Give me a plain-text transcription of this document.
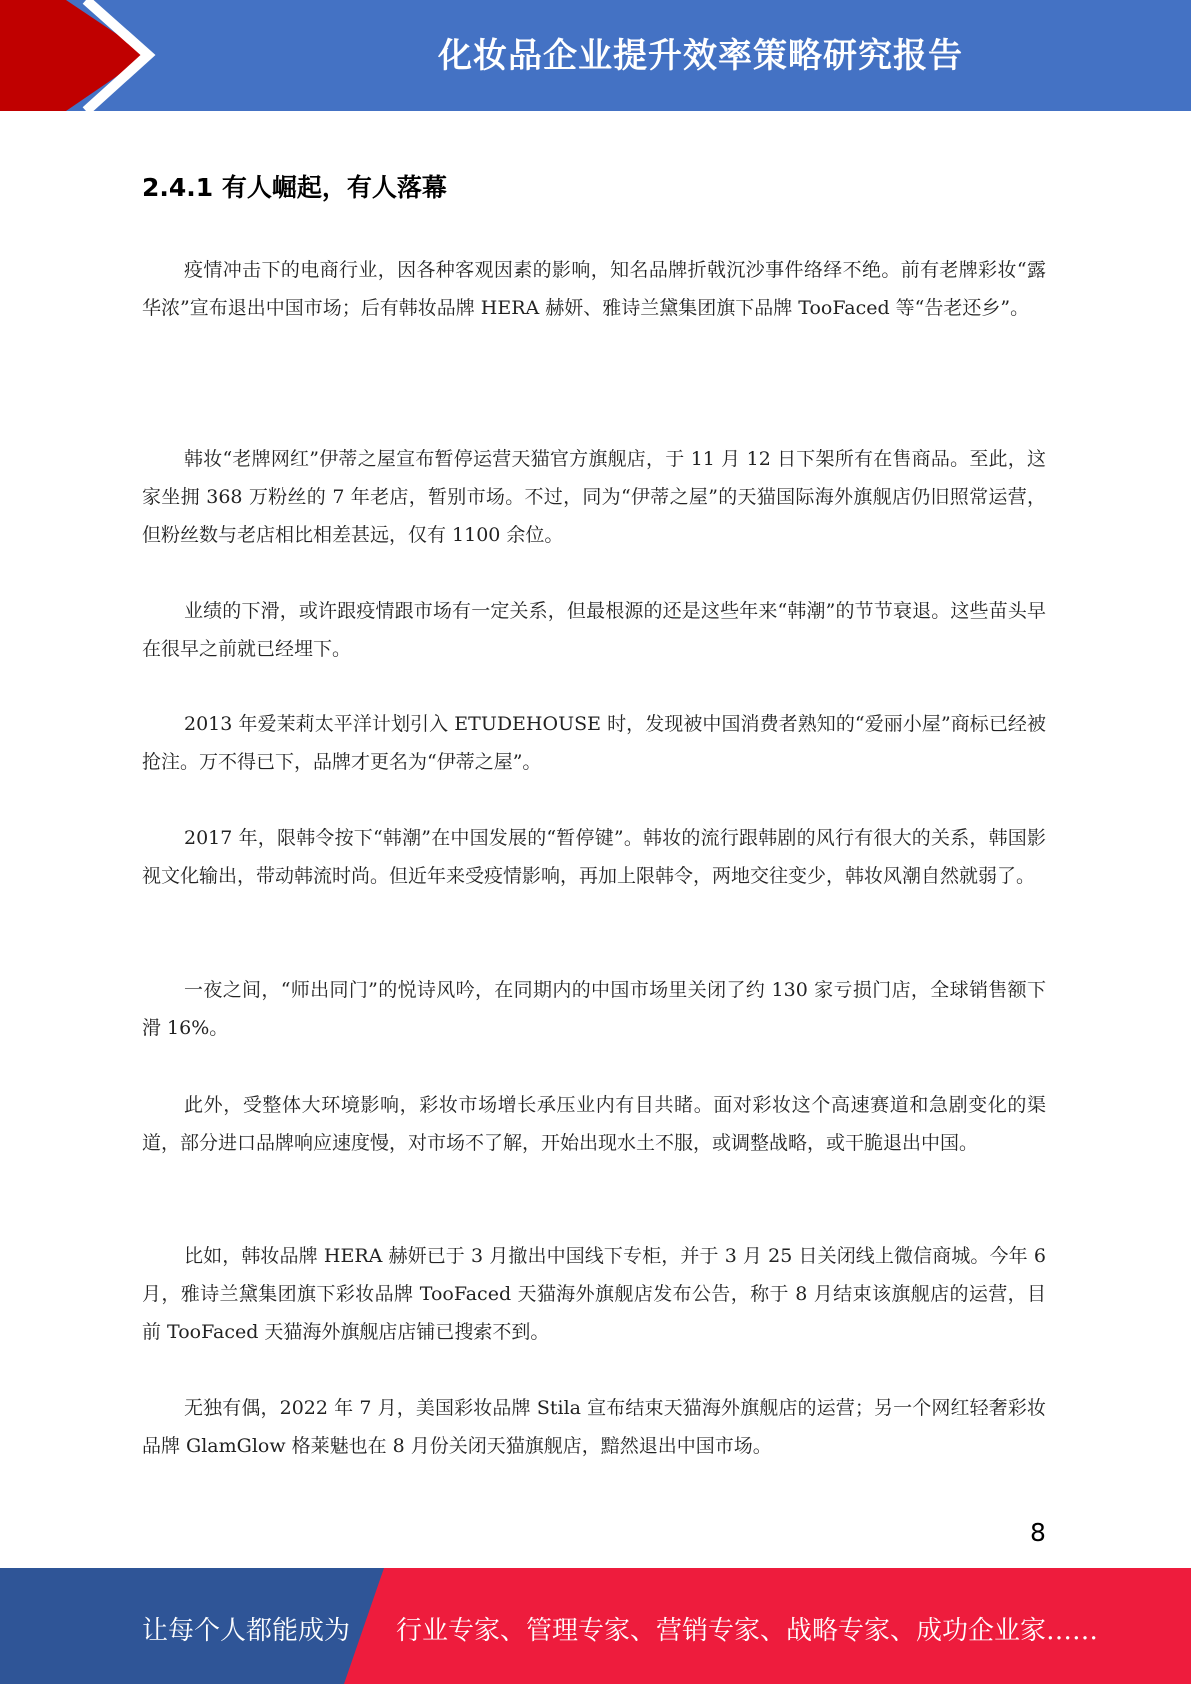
化妆品企业提升效率策略研究报告
2.4.1 有人崛起，有人落幕

疫情冲击下的电商行业，因各种客观因素的影响，知名品牌折戟沉沙事件络绎不绝。前有老牌彩妆“露华浓”宣布退出中国市场；后有韩妆品牌 HERA 赫妍、雅诗兰黛集团旗下品牌 TooFaced 等“告老还乡”。

韩妆“老牌网红”伊蒂之屋宣布暂停运营天猫官方旗舰店，于 11 月 12 日下架所有在售商品。至此，这家坐拥 368 万粉丝的 7 年老店，暂别市场。不过，同为“伊蒂之屋”的天猫国际海外旗舰店仍旧照常运营，但粉丝数与老店相比相差甚远，仅有 1100 余位。

业绩的下滑，或许跟疫情跟市场有一定关系，但最根源的还是这些年来“韩潮”的节节衰退。这些苗头早在很早之前就已经埋下。

2013 年爱茉莉太平洋计划引入 ETUDEHOUSE 时，发现被中国消费者熟知的“爱丽小屋”商标已经被抢注。万不得已下，品牌才更名为“伊蒂之屋”。

2017 年，限韩令按下“韩潮”在中国发展的“暂停键”。韩妆的流行跟韩剧的风行有很大的关系，韩国影视文化输出，带动韩流时尚。但近年来受疫情影响，再加上限韩令，两地交往变少，韩妆风潮自然就弱了。

一夜之间，“师出同门”的悦诗风吟，在同期内的中国市场里关闭了约 130 家亏损门店，全球销售额下滑 16%。

此外，受整体大环境影响，彩妆市场增长承压业内有目共睹。面对彩妆这个高速赛道和急剧变化的渠道，部分进口品牌响应速度慢，对市场不了解，开始出现水土不服，或调整战略，或干脆退出中国。

比如，韩妆品牌 HERA 赫妍已于 3 月撤出中国线下专柜，并于 3 月 25 日关闭线上微信商城。今年 6 月，雅诗兰黛集团旗下彩妆品牌 TooFaced 天猫海外旗舰店发布公告，称于 8 月结束该旗舰店的运营，目前 TooFaced 天猫海外旗舰店店铺已搜索不到。

无独有偶，2022 年 7 月，美国彩妆品牌 Stila 宣布结束天猫海外旗舰店的运营；另一个网红轻奢彩妆品牌 GlamGlow 格莱魅也在 8 月份关闭天猫旗舰店，黯然退出中国市场。

8
让每个人都能成为 行业专家、管理专家、营销专家、战略专家、成功企业家……
